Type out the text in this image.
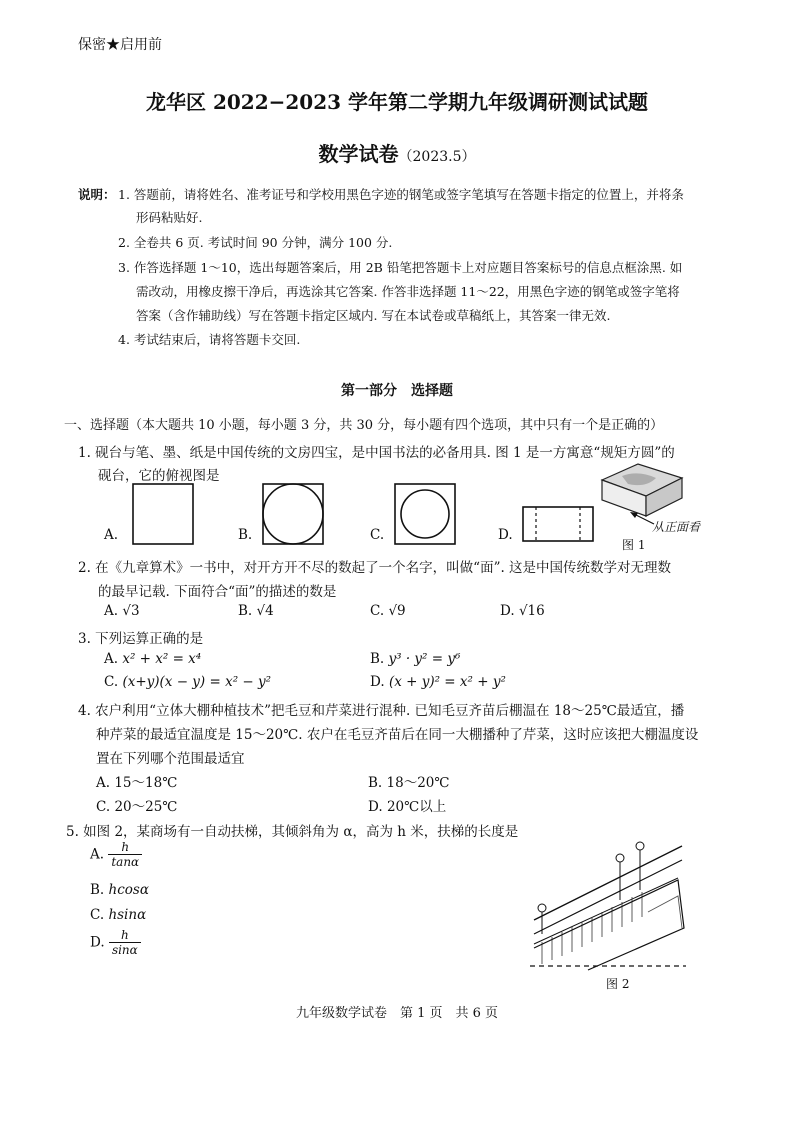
保密★启用前
龙华区 2022−2023 学年第二学期九年级调研测试试题
数学试卷（2023.5）
说明： 1. 答题前，请将姓名、准考证号和学校用黑色字迹的钢笔或签字笔填写在答题卡指定的位置上，并将条
形码粘贴好.
2. 全卷共 6 页. 考试时间 90 分钟，满分 100 分.
3. 作答选择题 1～10，选出每题答案后，用 2B 铅笔把答题卡上对应题目答案标号的信息点框涂黑. 如
需改动，用橡皮擦干净后，再选涂其它答案. 作答非选择题 11～22，用黑色字迹的钢笔或签字笔将
答案（含作辅助线）写在答题卡指定区域内. 写在本试卷或草稿纸上，其答案一律无效.
4. 考试结束后，请将答题卡交回.
第一部分　选择题
一、选择题（本大题共 10 小题，每小题 3 分，共 30 分，每小题有四个选项，其中只有一个是正确的）
1. 砚台与笔、墨、纸是中国传统的文房四宝，是中国书法的必备用具. 图 1 是一方寓意“规矩方圆”的
砚台，它的俯视图是
A.	B.	C.	D.	从正面看
图 1
2. 在《九章算术》一书中，对开方开不尽的数起了一个名字，叫做“面”. 这是中国传统数学对无理数
的最早记载. 下面符合“面”的描述的数是
A. √3	B. √4	C. √9	D. √16
3. 下列运算正确的是
A. x² + x² = x⁴	B. y³ · y² = y⁶
C. (x+y)(x − y) = x² − y²	D. (x + y)² = x² + y²
4. 农户利用“立体大棚种植技术”把毛豆和芹菜进行混种. 已知毛豆齐苗后棚温在 18～25℃最适宜，播
种芹菜的最适宜温度是 15～20℃. 农户在毛豆齐苗后在同一大棚播种了芹菜，这时应该把大棚温度设
置在下列哪个范围最适宜
A. 15～18℃	B. 18～20℃
C. 20～25℃	D. 20℃以上
5. 如图 2，某商场有一自动扶梯，其倾斜角为 α，高为 h 米，扶梯的长度是
A. $\frac{h}{\tan\alpha}$
B. hcosα
C. hsinα
D. $\frac{h}{\sin\alpha}$
图 2
九年级数学试卷　第 1 页　共 6 页
